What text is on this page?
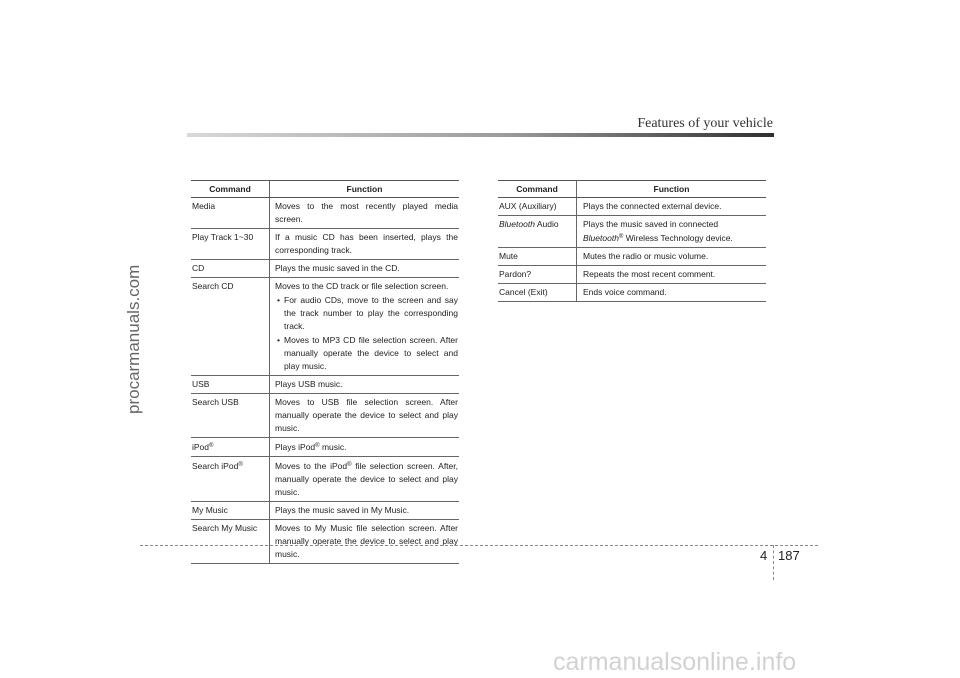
Features of your vehicle
procarmanuals.com
Command	Function
Media	Moves to the most recently played media screen.
Play Track 1~30	If a music CD has been inserted, plays the corresponding track.
CD	Plays the music saved in the CD.
Search CD	Moves to the CD track or file selection screen.
• For audio CDs, move to the screen and say the track number to play the corresponding track.
• Moves to MP3 CD file selection screen. After manually operate the device to select and play music.

USB	Plays USB music.
Search USB	Moves to USB file selection screen. After manually operate the device to select and play music.
iPod®	Plays iPod® music.
Search iPod®	Moves to the iPod® file selection screen. After, manually operate the device to select and play music.
My Music	Plays the music saved in My Music.
Search My Music	Moves to My Music file selection screen. After manually operate the device to select and play music.
Command	Function
AUX (Auxiliary)	Plays the connected external device.
Bluetooth Audio	Plays the music saved in connected
Bluetooth® Wireless Technology device.
Mute	Mutes the radio or music volume.
Pardon?	Repeats the most recent comment.
Cancel (Exit)	Ends voice command.
4 187
carmanualsonline.info
